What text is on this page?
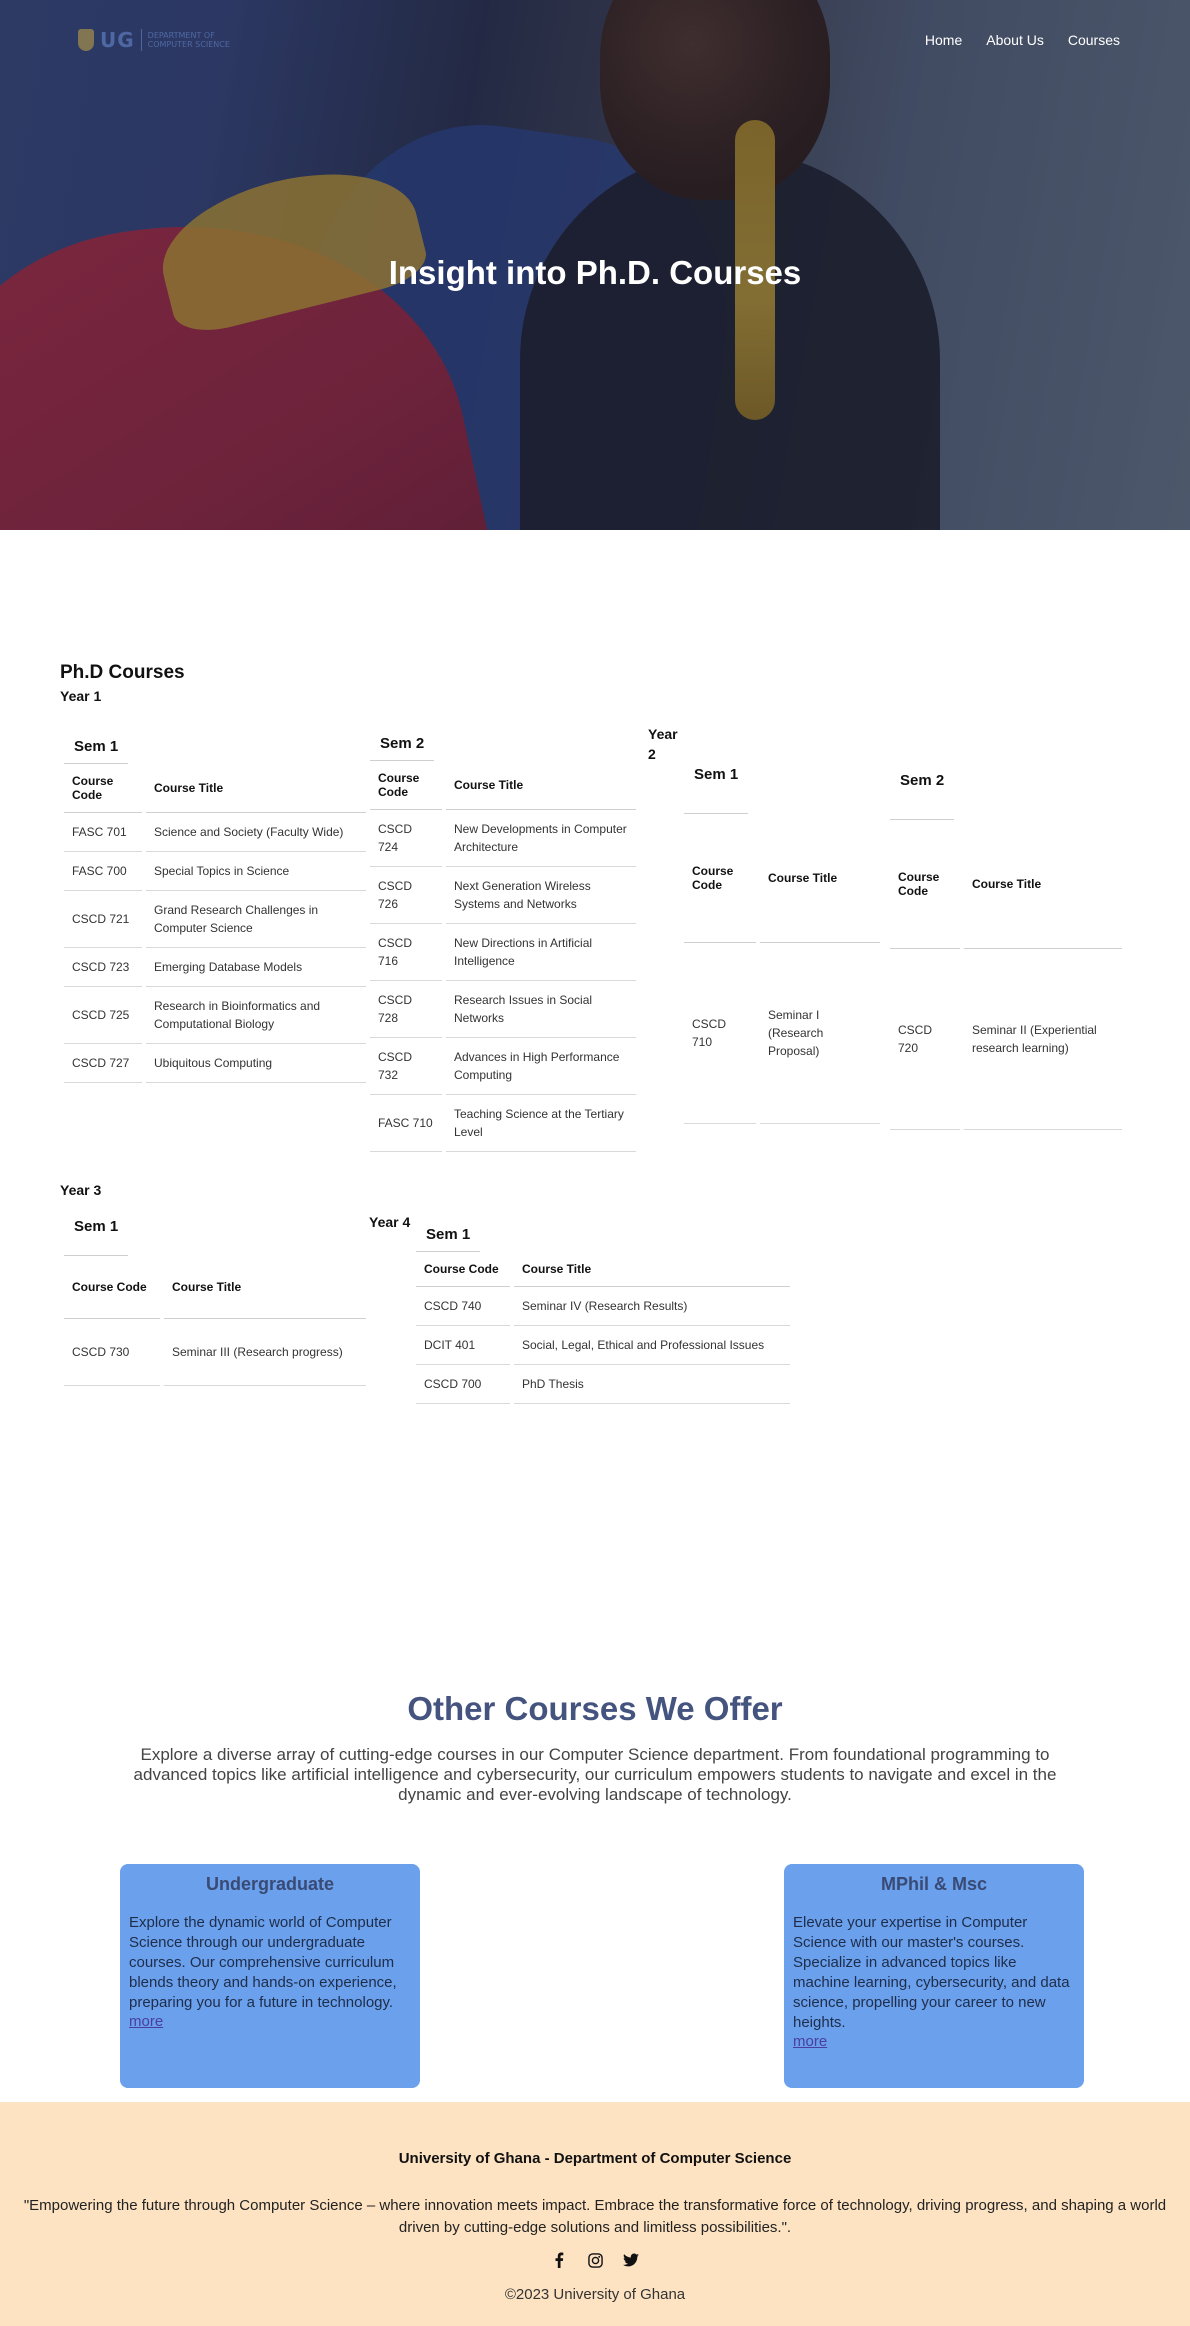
UG DEPARTMENT OF
COMPUTER SCIENCE	Home About Us Courses
Insight into Ph.D. Courses
Ph.D Courses
Year 1
Sem 1
Course Code	Course Title
FASC 701	Science and Society (Faculty Wide)
FASC 700	Special Topics in Science
CSCD 721	Grand Research Challenges in Computer Science
CSCD 723	Emerging Database Models
CSCD 725	Research in Bioinformatics and Computational Biology
CSCD 727	Ubiquitous Computing
Sem 2
Course Code	Course Title
CSCD 724	New Developments in Computer Architecture
CSCD 726	Next Generation Wireless Systems and Networks
CSCD 716	New Directions in Artificial Intelligence
CSCD 728	Research Issues in Social Networks
CSCD 732	Advances in High Performance Computing
FASC 710	Teaching Science at the Tertiary Level
Year 2
Sem 1
Course Code	Course Title
CSCD 710	Seminar I (Research Proposal)
Sem 2
Course Code	Course Title
CSCD 720	Seminar II (Experiential research learning)
Year 3
Sem 1
Course Code	Course Title
CSCD 730	Seminar III (Research progress)
Year 4
Sem 1
Course Code	Course Title
CSCD 740	Seminar IV (Research Results)
DCIT 401	Social, Legal, Ethical and Professional Issues
CSCD 700	PhD Thesis
Other Courses We Offer

Explore a diverse array of cutting-edge courses in our Computer Science department. From foundational programming to advanced topics like artificial intelligence and cybersecurity, our curriculum empowers students to navigate and excel in the dynamic and ever-evolving landscape of technology.

Undergraduate

Explore the dynamic world of Computer Science through our undergraduate courses. Our comprehensive curriculum blends theory and hands-on experience, preparing you for a future in technology.

more
MPhil & Msc

Elevate your expertise in Computer Science with our master's courses. Specialize in advanced topics like machine learning, cybersecurity, and data science, propelling your career to new heights.

more
University of Ghana - Department of Computer Science
"Empowering the future through Computer Science – where innovation meets impact. Embrace the transformative force of technology, driving progress, and shaping a world driven by cutting-edge solutions and limitless possibilities.".
©2023 University of Ghana
